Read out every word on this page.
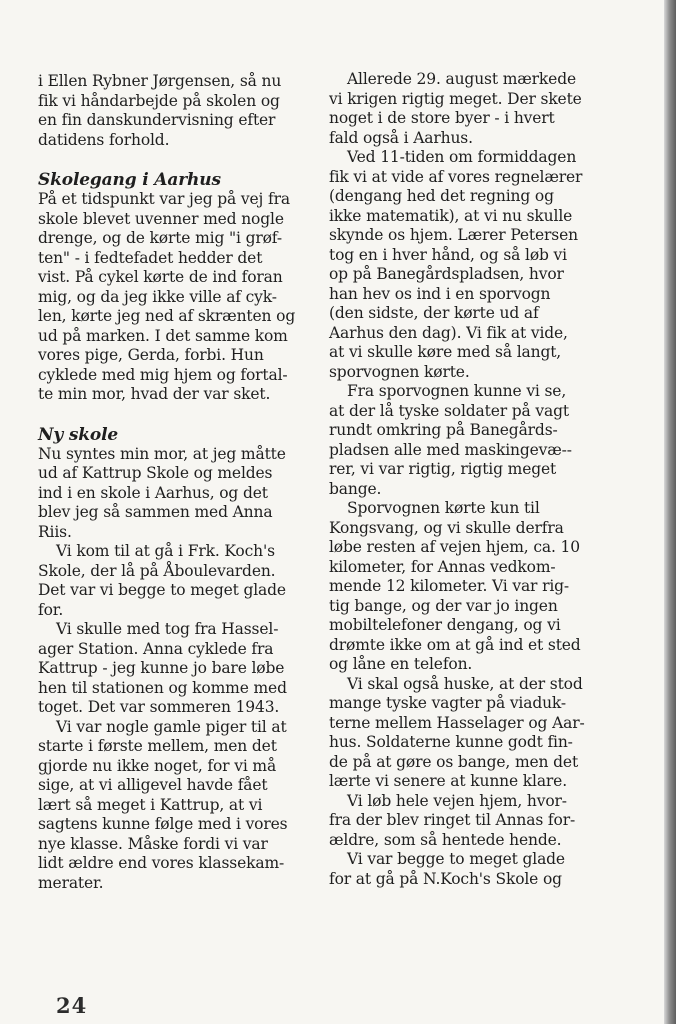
i Ellen Rybner Jørgensen, så nu
fik vi håndarbejde på skolen og
en fin danskundervisning efter
datidens forhold.
Skolegang i Aarhus
På et tidspunkt var jeg på vej fra
skole blevet uvenner med nogle
drenge, og de kørte mig "i grøf-
ten" - i fedtefadet hedder det
vist. På cykel kørte de ind foran
mig, og da jeg ikke ville af cyk-
len, kørte jeg ned af skrænten og
ud på marken. I det samme kom
vores pige, Gerda, forbi. Hun
cyklede med mig hjem og fortal-
te min mor, hvad der var sket.
Ny skole
Nu syntes min mor, at jeg måtte
ud af Kattrup Skole og meldes
ind i en skole i Aarhus, og det
blev jeg så sammen med Anna
Riis.
Vi kom til at gå i Frk. Koch's
Skole, der lå på Åboulevarden.
Det var vi begge to meget glade
for.
Vi skulle med tog fra Hassel-
ager Station. Anna cyklede fra
Kattrup - jeg kunne jo bare løbe
hen til stationen og komme med
toget. Det var sommeren 1943.
Vi var nogle gamle piger til at
starte i første mellem, men det
gjorde nu ikke noget, for vi må
sige, at vi alligevel havde fået
lært så meget i Kattrup, at vi
sagtens kunne følge med i vores
nye klasse. Måske fordi vi var
lidt ældre end vores klassekam-
merater.
Allerede 29. august mærkede
vi krigen rigtig meget. Der skete
noget i de store byer - i hvert
fald også i Aarhus.
Ved 11-tiden om formiddagen
fik vi at vide af vores regnelærer
(dengang hed det regning og
ikke matematik), at vi nu skulle
skynde os hjem. Lærer Petersen
tog en i hver hånd, og så løb vi
op på Banegårdspladsen, hvor
han hev os ind i en sporvogn
(den sidste, der kørte ud af
Aarhus den dag). Vi fik at vide,
at vi skulle køre med så langt,
sporvognen kørte.
Fra sporvognen kunne vi se,
at der lå tyske soldater på vagt
rundt omkring på Banegårds-
pladsen alle med maskingevæ--
rer, vi var rigtig, rigtig meget
bange.
Sporvognen kørte kun til
Kongsvang, og vi skulle derfra
løbe resten af vejen hjem, ca. 10
kilometer, for Annas vedkom-
mende 12 kilometer. Vi var rig-
tig bange, og der var jo ingen
mobiltelefoner dengang, og vi
drømte ikke om at gå ind et sted
og låne en telefon.
Vi skal også huske, at der stod
mange tyske vagter på viaduk-
terne mellem Hasselager og Aar-
hus. Soldaterne kunne godt fin-
de på at gøre os bange, men det
lærte vi senere at kunne klare.
Vi løb hele vejen hjem, hvor-
fra der blev ringet til Annas for-
ældre, som så hentede hende.
Vi var begge to meget glade
for at gå på N.Koch's Skole og
24
